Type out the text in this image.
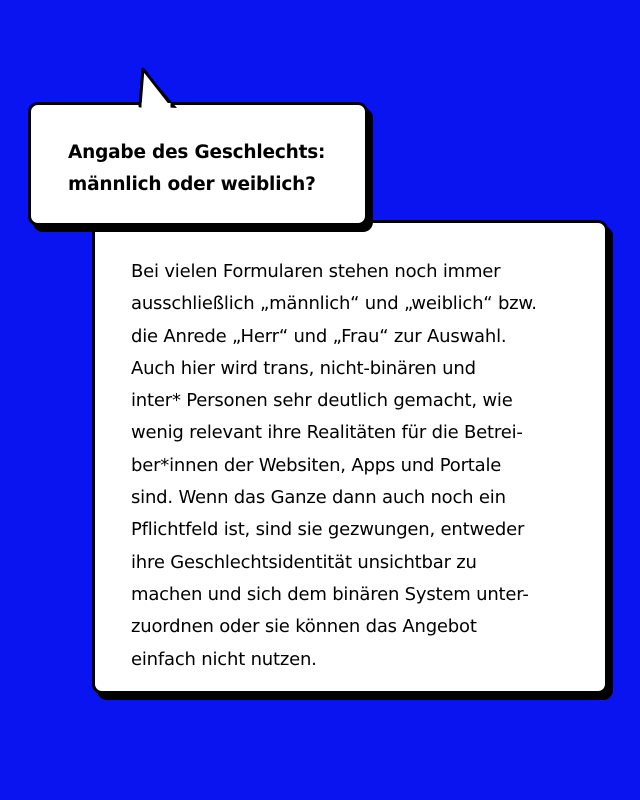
Bei vielen Formularen stehen noch immer
ausschließlich „männlich“ und „weiblich“ bzw.
die Anrede „Herr“ und „Frau“ zur Auswahl.
Auch hier wird trans, nicht-binären und
inter* Personen sehr deutlich gemacht, wie
wenig relevant ihre Realitäten für die Betrei-
ber*innen der Websiten, Apps und Portale
sind. Wenn das Ganze dann auch noch ein
Pflichtfeld ist, sind sie gezwungen, entweder
ihre Geschlechtsidentität unsichtbar zu
machen und sich dem binären System unter-
zuordnen oder sie können das Angebot
einfach nicht nutzen.

Angabe des Geschlechts:
männlich oder weiblich?
